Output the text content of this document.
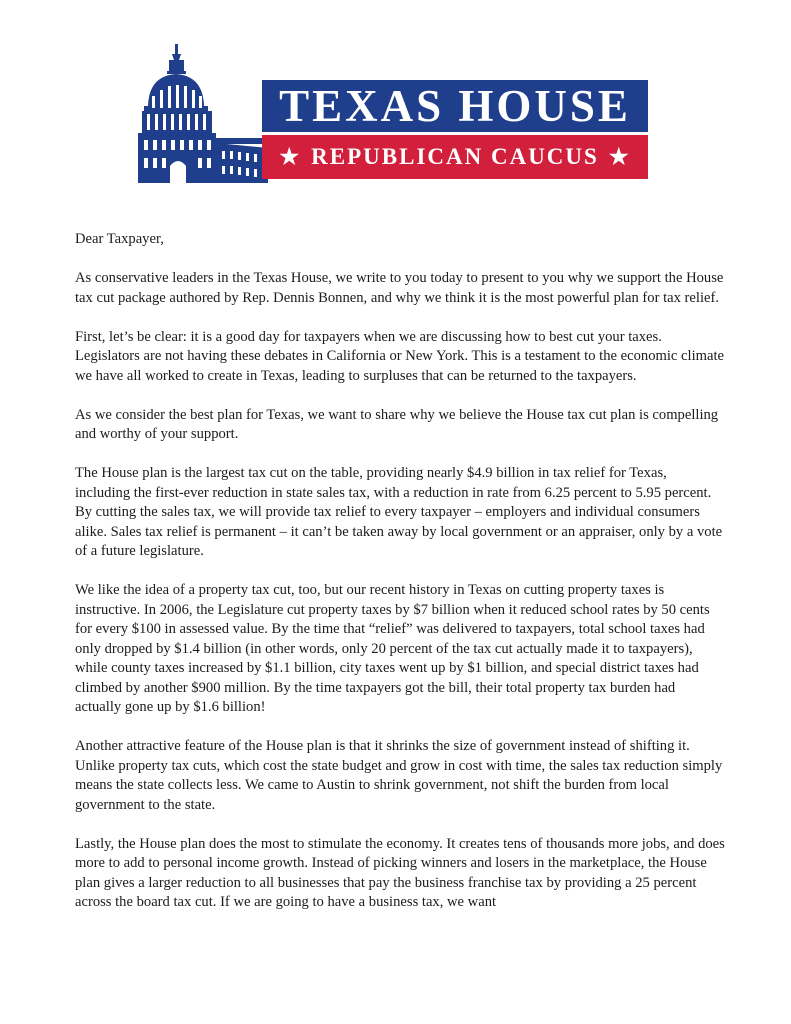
TEXAS HOUSE
★ REPUBLICAN CAUCUS ★

Dear Taxpayer,

As conservative leaders in the Texas House, we write to you today to present to you why we support the House tax cut package authored by Rep. Dennis Bonnen, and why we think it is the most powerful plan for tax relief.

First, let’s be clear: it is a good day for taxpayers when we are discussing how to best cut your taxes. Legislators are not having these debates in California or New York. This is a testament to the economic climate we have all worked to create in Texas, leading to surpluses that can be returned to the taxpayers.

As we consider the best plan for Texas, we want to share why we believe the House tax cut plan is compelling and worthy of your support.

The House plan is the largest tax cut on the table, providing nearly $4.9 billion in tax relief for Texas, including the first-ever reduction in state sales tax, with a reduction in rate from 6.25 percent to 5.95 percent. By cutting the sales tax, we will provide tax relief to every taxpayer – employers and individual consumers alike. Sales tax relief is permanent – it can’t be taken away by local government or an appraiser, only by a vote of a future legislature.

We like the idea of a property tax cut, too, but our recent history in Texas on cutting property taxes is instructive. In 2006, the Legislature cut property taxes by $7 billion when it reduced school rates by 50 cents for every $100 in assessed value. By the time that “relief” was delivered to taxpayers, total school taxes had only dropped by $1.4 billion (in other words, only 20 percent of the tax cut actually made it to taxpayers), while county taxes increased by $1.1 billion, city taxes went up by $1 billion, and special district taxes had climbed by another $900 million. By the time taxpayers got the bill, their total property tax burden had actually gone up by $1.6 billion!

Another attractive feature of the House plan is that it shrinks the size of government instead of shifting it. Unlike property tax cuts, which cost the state budget and grow in cost with time, the sales tax reduction simply means the state collects less. We came to Austin to shrink government, not shift the burden from local government to the state.

Lastly, the House plan does the most to stimulate the economy. It creates tens of thousands more jobs, and does more to add to personal income growth. Instead of picking winners and losers in the marketplace, the House plan gives a larger reduction to all businesses that pay the business franchise tax by providing a 25 percent across the board tax cut. If we are going to have a business tax, we want
